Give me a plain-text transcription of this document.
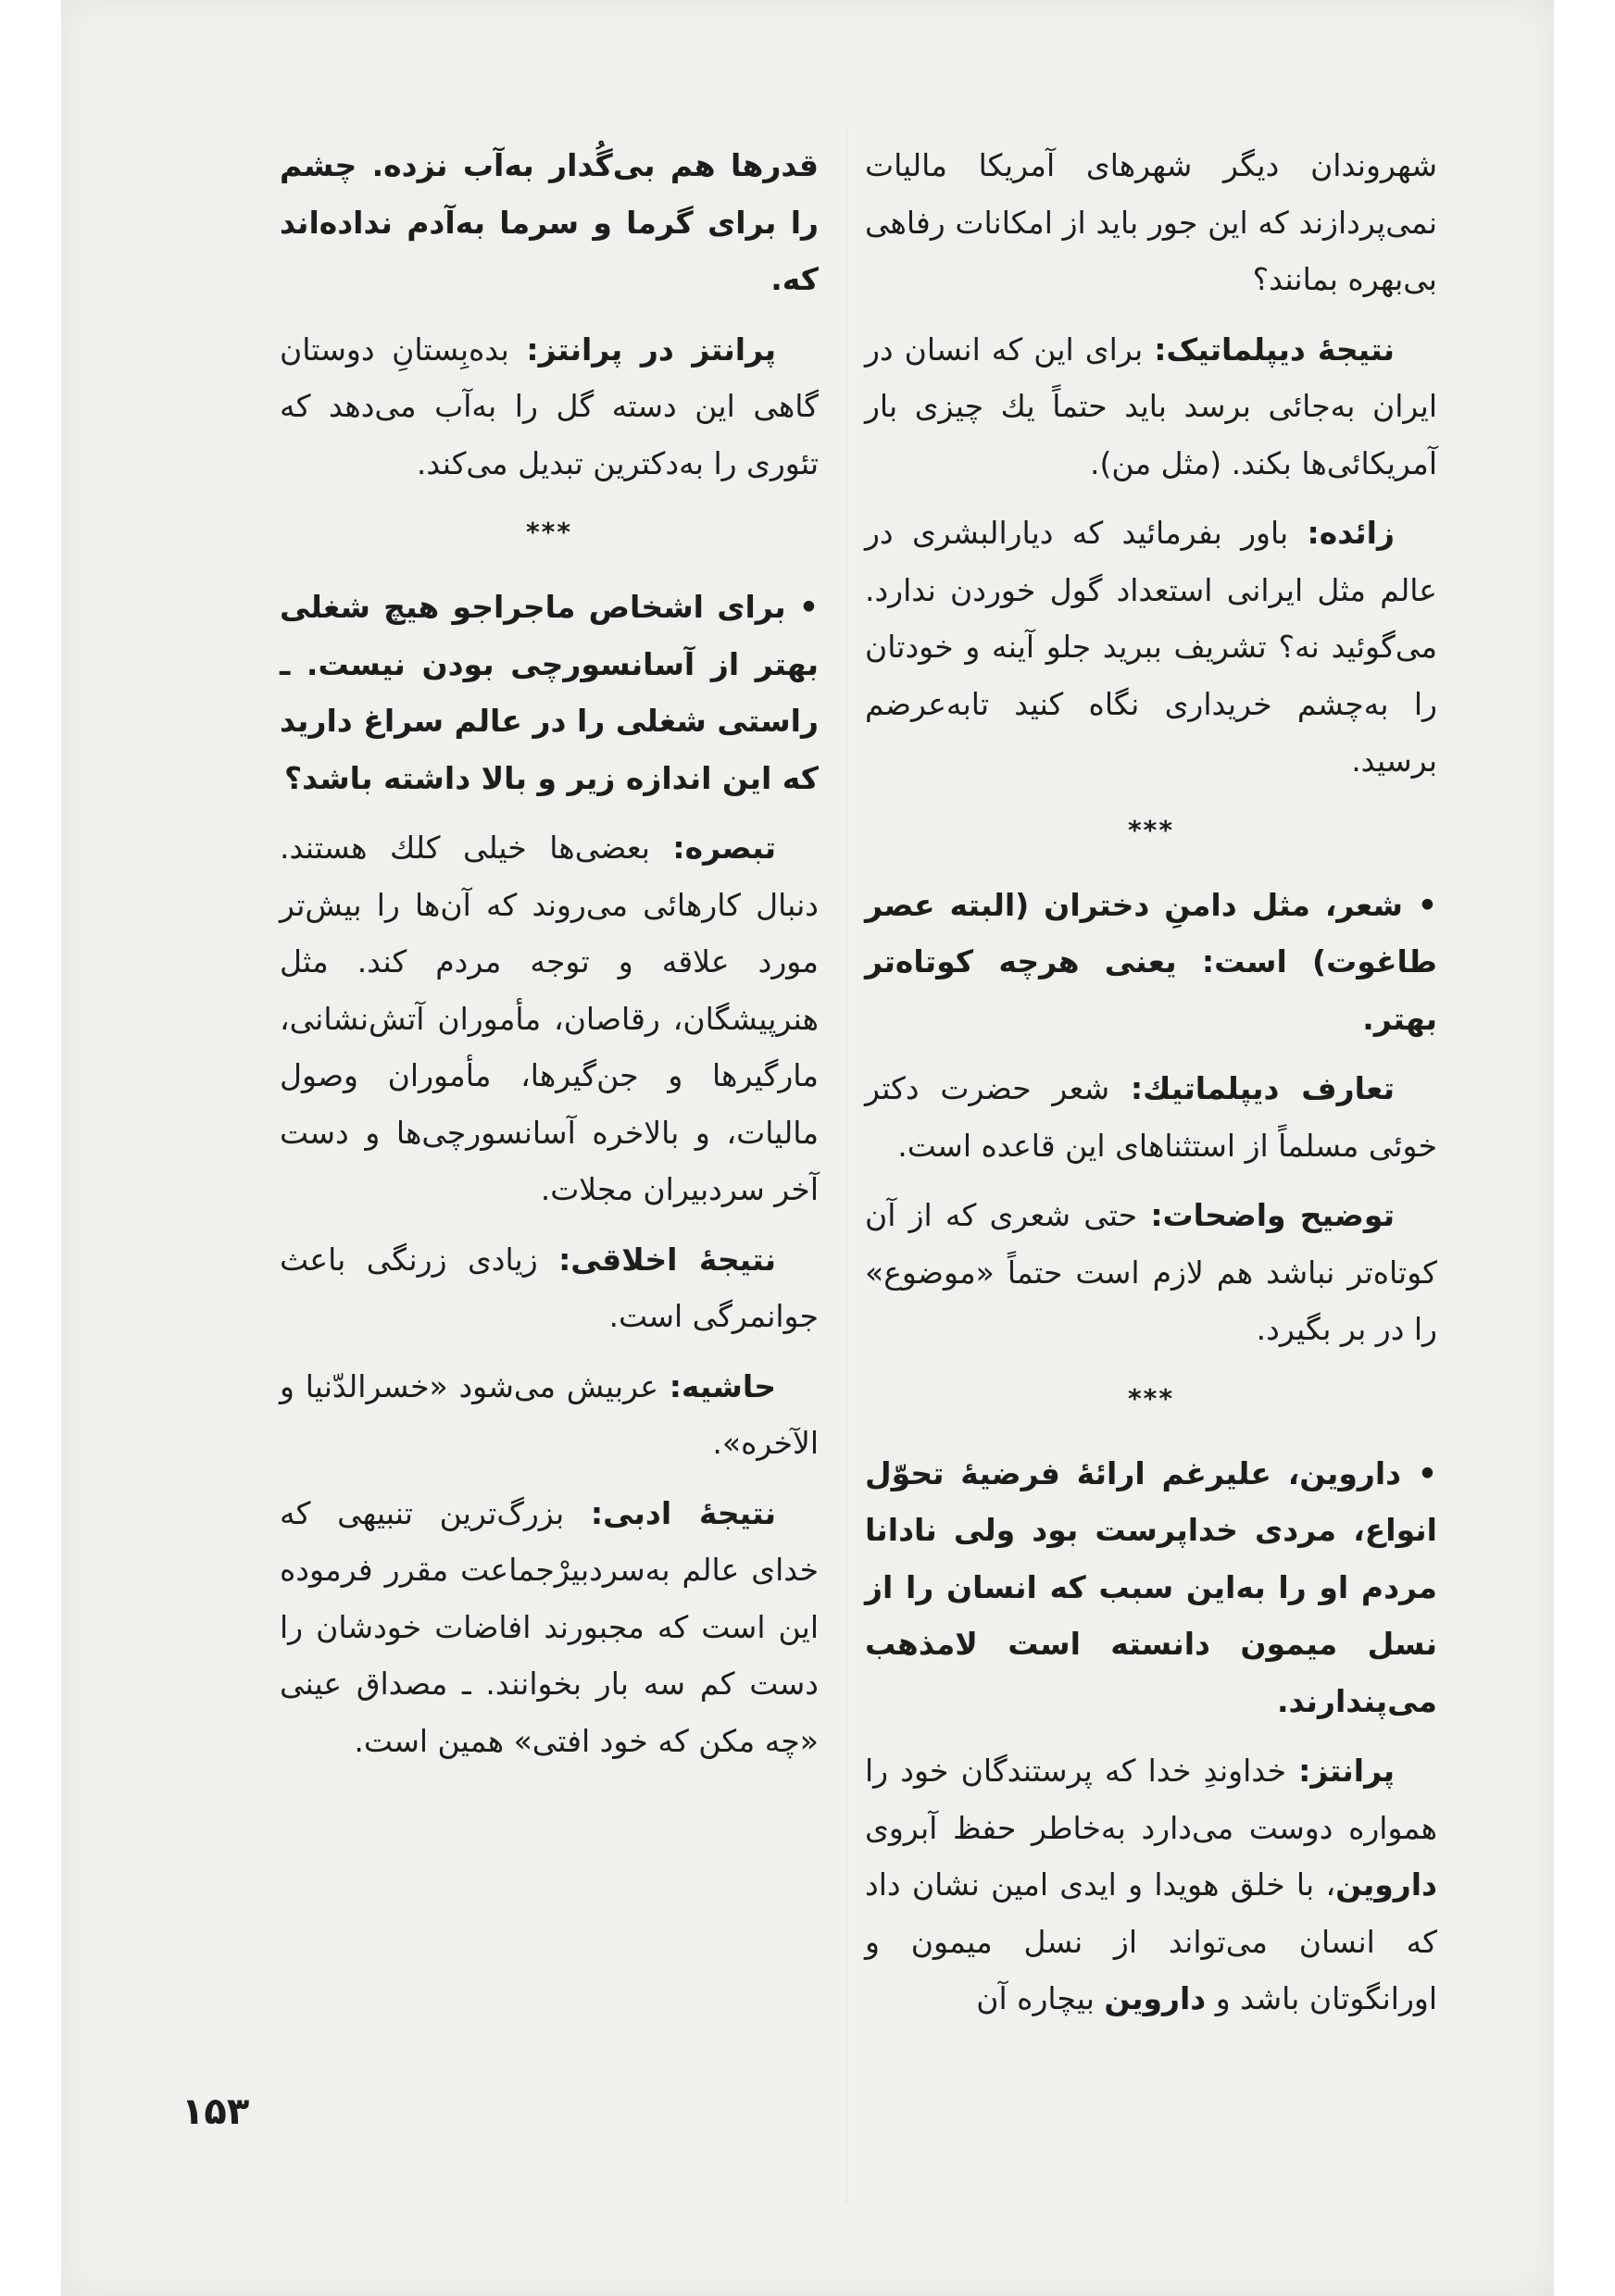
شهروندان دیگر شهرهای آمریکا مالیات نمی‌پردازند که این جور باید از امکانات رفاهی بی‌بهره بمانند؟

نتیجهٔ دیپلماتیک: برای این که انسان در ایران به‌جائی برسد باید حتماً یك چیزی بار آمریکائی‌ها بکند. (مثل من).

زائده: باور بفرمائید که دیارالبشری در عالم مثل ایرانی استعداد گول خوردن ندارد. می‌گوئید نه؟ تشریف ببرید جلو آینه و خودتان را به‌چشم خریداری نگاه کنید تابه‌عرضم برسید.

***

• شعر، مثل دامنِ دختران (البته عصر طاغوت) است: یعنی هرچه کوتاه‌تر بهتر.

تعارف دیپلماتیك: شعر حضرت دکتر خوئی مسلماً از استثناهای این قاعده است.

توضیح واضحات: حتی شعری که از آن کوتاه‌تر نباشد هم لازم است حتماً «موضوع» را در بر بگیرد.

***

• داروین، علیرغم ارائهٔ فرضیهٔ تحوّل انواع، مردی خداپرست بود ولی نادانا مردم او را به‌این سبب که انسان را از نسل میمون دانسته است لامذهب می‌پندارند.

پرانتز: خداوندِ خدا که پرستندگان خود را همواره دوست می‌دارد به‌خاطر حفظ آبروی داروین، با خلق هویدا و ایدی امین نشان داد که انسان می‌تواند از نسل میمون و اورانگوتان باشد و داروین بیچاره آن

قدرها هم بی‌گُدار به‌آب نزده. چشم را برای گرما و سرما به‌آدم نداده‌اند که.

پرانتز در پرانتز: بده‌بِستانِ دوستان گاهی این دسته گل را به‌آب می‌دهد که تئوری را به‌دکترین تبدیل می‌کند.

***

• برای اشخاص ماجراجو هیچ شغلی بهتر از آسانسورچی بودن نیست. ـ راستی شغلی را در عالم سراغ دارید که این اندازه زیر و بالا داشته باشد؟

تبصره: بعضی‌ها خیلی کلك هستند. دنبال کارهائی می‌روند که آن‌ها را بیش‌تر مورد علاقه و توجه مردم کند. مثل هنرپیشگان، رقاصان، مأموران آتش‌نشانی، مارگیرها و جن‌گیرها، مأموران وصول مالیات، و بالاخره آسانسورچی‌ها و دست آخر سردبیران مجلات.

نتیجهٔ اخلاقی: زیادی زرنگی باعث جوانمرگی است.

حاشیه: عربیش می‌شود «خسرالدّنیا و الآخره».

نتیجهٔ ادبی: بزرگ‌ترین تنبیهی که خدای عالم به‌سردبیرْجماعت مقرر فرموده این است که مجبورند افاضات خودشان را دست کم سه بار بخوانند. ـ مصداق عینی «چه مکن که خود افتی» همین است.

۱۵۳
